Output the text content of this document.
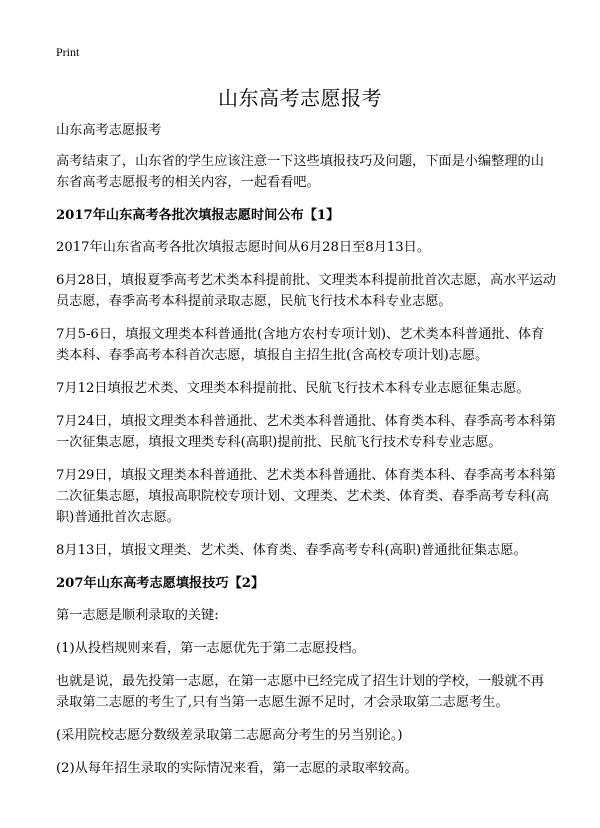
Print
山东高考志愿报考

山东高考志愿报考

高考结束了，山东省的学生应该注意一下这些填报技巧及问题，下面是小编整理的山东省高考志愿报考的相关内容，一起看看吧。

2017年山东高考各批次填报志愿时间公布【1】

2017年山东省高考各批次填报志愿时间从6月28日至8月13日。

6月28日，填报夏季高考艺术类本科提前批、文理类本科提前批首次志愿，高水平运动员志愿，春季高考本科提前录取志愿，民航飞行技术本科专业志愿。

7月5-6日，填报文理类本科普通批(含地方农村专项计划)、艺术类本科普通批、体育类本科、春季高考本科首次志愿，填报自主招生批(含高校专项计划)志愿。

7月12日填报艺术类、文理类本科提前批、民航飞行技术本科专业志愿征集志愿。

7月24日，填报文理类本科普通批、艺术类本科普通批、体育类本科、春季高考本科第一次征集志愿，填报文理类专科(高职)提前批、民航飞行技术专科专业志愿。

7月29日，填报文理类本科普通批、艺术类本科普通批、体育类本科、春季高考本科第二次征集志愿，填报高职院校专项计划、文理类、艺术类、体育类、春季高考专科(高职)普通批首次志愿。

8月13日，填报文理类、艺术类、体育类、春季高考专科(高职)普通批征集志愿。

207年山东高考志愿填报技巧【2】

第一志愿是顺利录取的关键:

(1)从投档规则来看，第一志愿优先于第二志愿投档。

也就是说，最先投第一志愿，在第一志愿中已经完成了招生计划的学校，一般就不再录取第二志愿的考生了,只有当第一志愿生源不足时，才会录取第二志愿考生。

(采用院校志愿分数级差录取第二志愿高分考生的另当别论。)

(2)从每年招生录取的实际情况来看，第一志愿的录取率较高。
